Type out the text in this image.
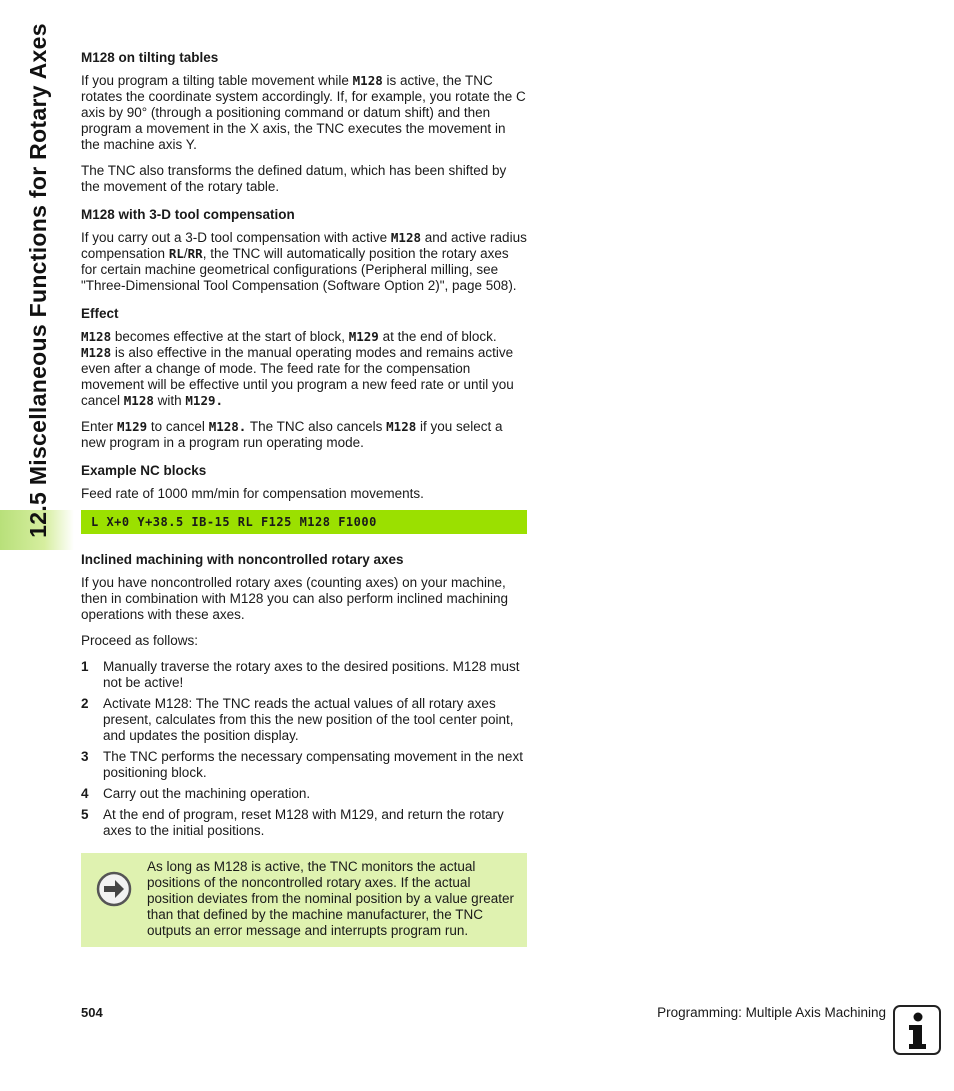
12.5 Miscellaneous Functions for Rotary Axes M128 on tilting tables

If you program a tilting table movement while M128 is active, the TNC rotates the coordinate system accordingly. If, for example, you rotate the C axis by 90° (through a positioning command or datum shift) and then program a movement in the X axis, the TNC executes the movement in the machine axis Y.

The TNC also transforms the defined datum, which has been shifted by the movement of the rotary table.

M128 with 3-D tool compensation

If you carry out a 3-D tool compensation with active M128 and active radius compensation RL/RR, the TNC will automatically position the rotary axes for certain machine geometrical configurations (Peripheral milling, see "Three-Dimensional Tool Compensation (Software Option 2)", page 508).

Effect

M128 becomes effective at the start of block, M129 at the end of block. M128 is also effective in the manual operating modes and remains active even after a change of mode. The feed rate for the compensation movement will be effective until you program a new feed rate or until you cancel M128 with M129.

Enter M129 to cancel M128. The TNC also cancels M128 if you select a new program in a program run operating mode.

Example NC blocks

Feed rate of 1000 mm/min for compensation movements.

L X+0 Y+38.5 IB-15 RL F125 M128 F1000
Inclined machining with noncontrolled rotary axes

If you have noncontrolled rotary axes (counting axes) on your machine, then in combination with M128 you can also perform inclined machining operations with these axes.

Proceed as follows:

1	Manually traverse the rotary axes to the desired positions. M128 must not be active!
2	Activate M128: The TNC reads the actual values of all rotary axes present, calculates from this the new position of the tool center point, and updates the position display.
3	The TNC performs the necessary compensating movement in the next positioning block.
4	Carry out the machining operation.
5	At the end of program, reset M128 with M129, and return the rotary axes to the initial positions.
As long as M128 is active, the TNC monitors the actual positions of the noncontrolled rotary axes. If the actual position deviates from the nominal position by a value greater than that defined by the machine manufacturer, the TNC outputs an error message and interrupts program run.
504	Programming: Multiple Axis Machining
